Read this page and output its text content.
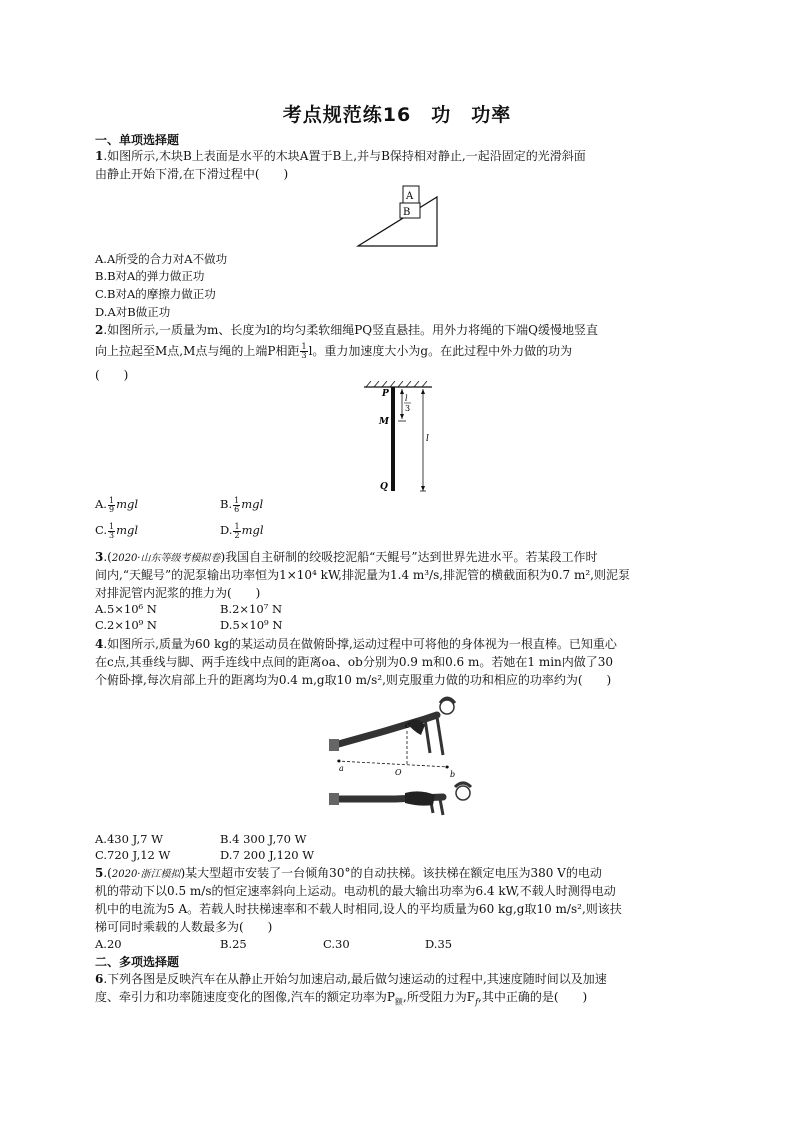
考点规范练16　功　功率
一、单项选择题
1.如图所示,木块B上表面是水平的木块A置于B上,并与B保持相对静止,一起沿固定的光滑斜面
由静止开始下滑,在下滑过程中(　　)
A
B
A.A所受的合力对A不做功
B.B对A的弹力做正功
C.B对A的摩擦力做正功
D.A对B做正功
2.如图所示,一质量为m、长度为l的均匀柔软细绳PQ竖直悬挂。用外力将绳的下端Q缓慢地竖直
向上拉起至M点,M点与绳的上端P相距 $\frac{1}{3}$ l。重力加速度大小为g。在此过程中外力做的功为
(　　)
P
M
Q
l
3
l
A. $\frac{1}{9}$ mgl	B. $\frac{1}{6}$ mgl
C. $\frac{1}{3}$ mgl	D. $\frac{1}{2}$ mgl
3.(2020·山东等级考模拟卷)我国自主研制的绞吸挖泥船“天鲲号”达到世界先进水平。若某段工作时
间内,“天鲲号”的泥泵输出功率恒为1×10⁴ kW,排泥量为1.4 m³/s,排泥管的横截面积为0.7 m²,则泥泵
对排泥管内泥浆的推力为(　　)
A.5×10⁶ N	B.2×10⁷ N
C.2×10⁹ N	D.5×10⁹ N
4.如图所示,质量为60 kg的某运动员在做俯卧撑,运动过程中可将他的身体视为一根直棒。已知重心
在c点,其垂线与脚、两手连线中点间的距离oa、ob分别为0.9 m和0.6 m。若她在1 min内做了30
个俯卧撑,每次肩部上升的距离均为0.4 m,g取10 m/s²,则克服重力做的功和相应的功率约为(　　)
c
a	O	b
A.430 J,7 W	B.4 300 J,70 W
C.720 J,12 W	D.7 200 J,120 W
5.(2020·浙江模拟)某大型超市安装了一台倾角30°的自动扶梯。该扶梯在额定电压为380 V的电动
机的带动下以0.5 m/s的恒定速率斜向上运动。电动机的最大输出功率为6.4 kW,不载人时测得电动
机中的电流为5 A。若载人时扶梯速率和不载人时相同,设人的平均质量为60 kg,g取10 m/s²,则该扶
梯可同时乘载的人数最多为(　　)
A.20	B.25	C.30	D.35
二、多项选择题
6.下列各图是反映汽车在从静止开始匀加速启动,最后做匀速运动的过程中,其速度随时间以及加速
度、牵引力和功率随速度变化的图像,汽车的额定功率为$P_额$,所受阻力为$F_f$,其中正确的是(　　)
